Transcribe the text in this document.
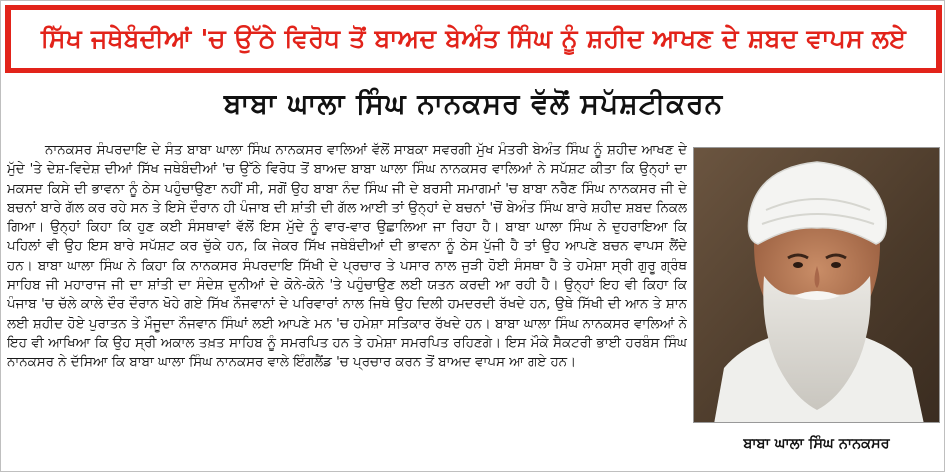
ਸਿੱਖ ਜਥੇਬੰਦੀਆਂ 'ਚ ਉੱਠੇ ਵਿਰੋਧ ਤੋਂ ਬਾਅਦ ਬੇਅੰਤ ਸਿੰਘ ਨੂੰ ਸ਼ਹੀਦ ਆਖਣ ਦੇ ਸ਼ਬਦ ਵਾਪਸ ਲਏ
ਬਾਬਾ ਘਾਲਾ ਸਿੰਘ ਨਾਨਕਸਰ ਵੱਲੋਂ ਸਪੱਸ਼ਟੀਕਰਨ
ਨਾਨਕਸਰ ਸੰਪਰਦਾਇ ਦੇ ਸੰਤ ਬਾਬਾ ਘਾਲਾ ਸਿੰਘ ਨਾਨਕਸਰ ਵਾਲਿਆਂ ਵੱਲੋਂ ਸਾਬਕਾ ਸਵਰਗੀ ਮੁੱਖ ਮੰਤਰੀ ਬੇਅੰਤ ਸਿੰਘ ਨੂੰ ਸ਼ਹੀਦ ਆਖਣ ਦੇ ਮੁੱਦੇ 'ਤੇ ਦੇਸ਼-ਵਿਦੇਸ਼ ਦੀਆਂ ਸਿੱਖ ਜਥੇਬੰਦੀਆਂ 'ਚ ਉੱਠੇ ਵਿਰੋਧ ਤੋਂ ਬਾਅਦ ਬਾਬਾ ਘਾਲਾ ਸਿੰਘ ਨਾਨਕਸਰ ਵਾਲਿਆਂ ਨੇ ਸਪੱਸ਼ਟ ਕੀਤਾ ਕਿ ਉਨ੍ਹਾਂ ਦਾ ਮਕਸਦ ਕਿਸੇ ਦੀ ਭਾਵਨਾ ਨੂੰ ਠੇਸ ਪਹੁੰਚਾਉਣਾ ਨਹੀਂ ਸੀ, ਸਗੋਂ ਉਹ ਬਾਬਾ ਨੰਦ ਸਿੰਘ ਜੀ ਦੇ ਬਰਸੀ ਸਮਾਗਮਾਂ 'ਚ ਬਾਬਾ ਨਰੈਣ ਸਿੰਘ ਨਾਨਕਸਰ ਜੀ ਦੇ ਬਚਨਾਂ ਬਾਰੇ ਗੱਲ ਕਰ ਰਹੇ ਸਨ ਤੇ ਇਸੇ ਦੌਰਾਨ ਹੀ ਪੰਜਾਬ ਦੀ ਸ਼ਾਂਤੀ ਦੀ ਗੱਲ ਆਈ ਤਾਂ ਉਨ੍ਹਾਂ ਦੇ ਬਚਨਾਂ 'ਚੋਂ ਬੇਅੰਤ ਸਿੰਘ ਬਾਰੇ ਸ਼ਹੀਦ ਸ਼ਬਦ ਨਿਕਲ ਗਿਆ। ਉਨ੍ਹਾਂ ਕਿਹਾ ਕਿ ਹੁਣ ਕਈ ਸੰਸਥਾਵਾਂ ਵੱਲੋਂ ਇਸ ਮੁੱਦੇ ਨੂੰ ਵਾਰ-ਵਾਰ ਉਛਾਲਿਆ ਜਾ ਰਿਹਾ ਹੈ। ਬਾਬਾ ਘਾਲਾ ਸਿੰਘ ਨੇ ਦੁਹਰਾਇਆ ਕਿ ਪਹਿਲਾਂ ਵੀ ਉਹ ਇਸ ਬਾਰੇ ਸਪੱਸ਼ਟ ਕਰ ਚੁੱਕੇ ਹਨ, ਕਿ ਜੇਕਰ ਸਿੱਖ ਜਥੇਬੰਦੀਆਂ ਦੀ ਭਾਵਨਾ ਨੂੰ ਠੇਸ ਪੁੱਜੀ ਹੈ ਤਾਂ ਉਹ ਆਪਣੇ ਬਚਨ ਵਾਪਸ ਲੈਂਦੇ ਹਨ। ਬਾਬਾ ਘਾਲਾ ਸਿੰਘ ਨੇ ਕਿਹਾ ਕਿ ਨਾਨਕਸਰ ਸੰਪਰਦਾਇ ਸਿੱਖੀ ਦੇ ਪ੍ਰਚਾਰ ਤੇ ਪਸਾਰ ਨਾਲ ਜੁੜੀ ਹੋਈ ਸੰਸਥਾ ਹੈ ਤੇ ਹਮੇਸ਼ਾ ਸ੍ਰੀ ਗੁਰੂ ਗ੍ਰੰਥ ਸਾਹਿਬ ਜੀ ਮਹਾਰਾਜ ਜੀ ਦਾ ਸ਼ਾਂਤੀ ਦਾ ਸੰਦੇਸ਼ ਦੁਨੀਆਂ ਦੇ ਕੋਨੇ-ਕੋਨੇ 'ਤੇ ਪਹੁੰਚਾਉਣ ਲਈ ਯਤਨ ਕਰਦੀ ਆ ਰਹੀ ਹੈ। ਉਨ੍ਹਾਂ ਇਹ ਵੀ ਕਿਹਾ ਕਿ ਪੰਜਾਬ 'ਚ ਚੱਲੇ ਕਾਲੇ ਦੌਰ ਦੌਰਾਨ ਖੋਹੇ ਗਏ ਸਿੱਖ ਨੌਜਵਾਨਾਂ ਦੇ ਪਰਿਵਾਰਾਂ ਨਾਲ ਜਿਥੇ ਉਹ ਦਿਲੀ ਹਮਦਰਦੀ ਰੱਖਦੇ ਹਨ, ਉਥੇ ਸਿੱਖੀ ਦੀ ਆਨ ਤੇ ਸ਼ਾਨ ਲਈ ਸ਼ਹੀਦ ਹੋਏ ਪੁਰਾਤਨ ਤੇ ਮੌਜੂਦਾ ਨੌਜਵਾਨ ਸਿੰਘਾਂ ਲਈ ਆਪਣੇ ਮਨ 'ਚ ਹਮੇਸ਼ਾ ਸਤਿਕਾਰ ਰੱਖਦੇ ਹਨ। ਬਾਬਾ ਘਾਲਾ ਸਿੰਘ ਨਾਨਕਸਰ ਵਾਲਿਆਂ ਨੇ ਇਹ ਵੀ ਆਖਿਆ ਕਿ ਉਹ ਸ੍ਰੀ ਅਕਾਲ ਤਖ਼ਤ ਸਾਹਿਬ ਨੂੰ ਸਮਰਪਿਤ ਹਨ ਤੇ ਹਮੇਸ਼ਾ ਸਮਰਪਿਤ ਰਹਿਣਗੇ। ਇਸ ਮੌਕੇ ਸੈਕਟਰੀ ਭਾਈ ਹਰਬੰਸ ਸਿੰਘ ਨਾਨਕਸਰ ਨੇ ਦੱਸਿਆ ਕਿ ਬਾਬਾ ਘਾਲਾ ਸਿੰਘ ਨਾਨਕਸਰ ਵਾਲੇ ਇੰਗਲੈਂਡ 'ਚ ਪ੍ਰਚਾਰ ਕਰਨ ਤੋਂ ਬਾਅਦ ਵਾਪਸ ਆ ਗਏ ਹਨ।
ਬਾਬਾ ਘਾਲਾ ਸਿੰਘ ਨਾਨਕਸਰ
